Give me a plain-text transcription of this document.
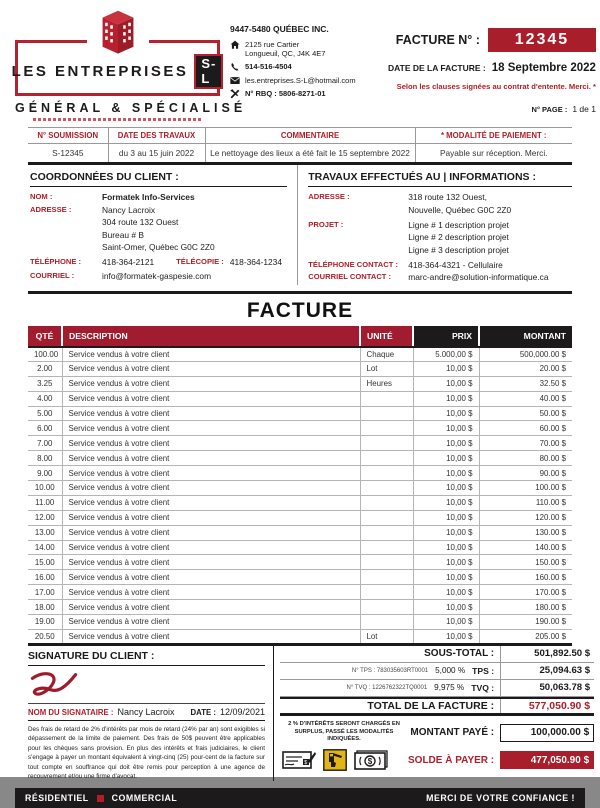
LES ENTREPRISES	S-L
GÉNÉRAL & SPÉCIALISÉ
9447-5480 QUÉBEC INC.
2125 rue Cartier
Longueuil, QC, J4K 4E7
514-516-4504
les.entreprises.S-L@hotmail.com
N° RBQ : 5806-8271-01
FACTURE N° :	12345
DATE DE LA FACTURE : 18 Septembre 2022
Selon les clauses signées au contrat d'entente. Merci. *
N° PAGE : 1 de 1
N° SOUMISSION	DATE DES TRAVAUX	COMMENTAIRE	* MODALITÉ DE PAIEMENT :
S-12345	du 3 au 15 juin 2022	Le nettoyage des lieux a été fait le 15 septembre 2022	Payable sur réception. Merci.
COORDONNÉES DU CLIENT :
NOM :	Formatek Info-Services
ADRESSE :	Nancy Lacroix
304 route 132 Ouest
Bureau # B
Saint-Omer, Québec G0C 2Z0
TÉLÉPHONE :	418-364-2121	TÉLÉCOPIE : 418-364-1234
COURRIEL :	info@formatek-gaspesie.com
TRAVAUX EFFECTUÉS AU | INFORMATIONS :
ADRESSE :	318 route 132 Ouest,
Nouvelle, Québec G0C 2Z0
PROJET :	Ligne # 1 description projet
Ligne # 2 description projet
Ligne # 3 description projet
TÉLÉPHONE CONTACT :	418-364-4321 - Cellulaire
COURRIEL CONTACT :	marc-andre@solution-informatique.ca
FACTURE
QTÉ	DESCRIPTION	UNITÉ	PRIX	MONTANT
100.00	Service vendus à votre client	Chaque	5.000,00 $	500,000.00 $
2.00	Service vendus à votre client	Lot	10,00 $	20.00 $
3.25	Service vendus à votre client	Heures	10,00 $	32.50 $
4.00	Service vendus à votre client		10,00 $	40.00 $
5.00	Service vendus à votre client		10,00 $	50.00 $
6.00	Service vendus à votre client		10,00 $	60.00 $
7.00	Service vendus à votre client		10,00 $	70.00 $
8.00	Service vendus à votre client		10,00 $	80.00 $
9.00	Service vendus à votre client		10,00 $	90.00 $
10.00	Service vendus à votre client		10,00 $	100.00 $
11.00	Service vendus à votre client		10,00 $	110.00 $
12.00	Service vendus à votre client		10,00 $	120.00 $
13.00	Service vendus à votre client		10,00 $	130.00 $
14.00	Service vendus à votre client		10,00 $	140.00 $
15.00	Service vendus à votre client		10,00 $	150.00 $
16.00	Service vendus à votre client		10,00 $	160.00 $
17.00	Service vendus à votre client		10,00 $	170.00 $
18.00	Service vendus à votre client		10,00 $	180.00 $
19.00	Service vendus à votre client		10,00 $	190.00 $
20.50	Service vendus à votre client	Lot	10,00 $	205.00 $
SIGNATURE DU CLIENT :
NOM DU SIGNATAIRE : Nancy Lacroix DATE : 12/09/2021
Des frais de retard de 2% d'intérêts par mois de retard (24% par an) sont exigibles si dépassement de la limite de paiement. Des frais de 50$ peuvent être applicables pour les chèques sans provision. En plus des intérêts et frais judiciaires, le client s'engage à payer un montant équivalent à vingt-cinq (25) pour-cent de la facture sur tout compte en souffrance qui doit être remis pour perception à une agence de recouvrement et/ou une firme d'avocat.
SOUS-TOTAL :	501,892.50 $
N° TPS : 783035603RT0001 5,000 % TPS :	25,094.63 $
N° TVQ : 1226762322TQ0001 9,975 % TVQ :	50,063.78 $
TOTAL DE LA FACTURE :	577,050.90 $
2 % D'INTÉRÊTS SERONT CHARGÉS EN SURPLUS, PASSÉ LES MODALITÉS INDIQUÉES.
MONTANT PAYÉ :	100,000.00 $
$	$	SOLDE À PAYER :	477,050.90 $
RÉSIDENTIEL	COMMERCIAL	MERCI DE VOTRE CONFIANCE !
